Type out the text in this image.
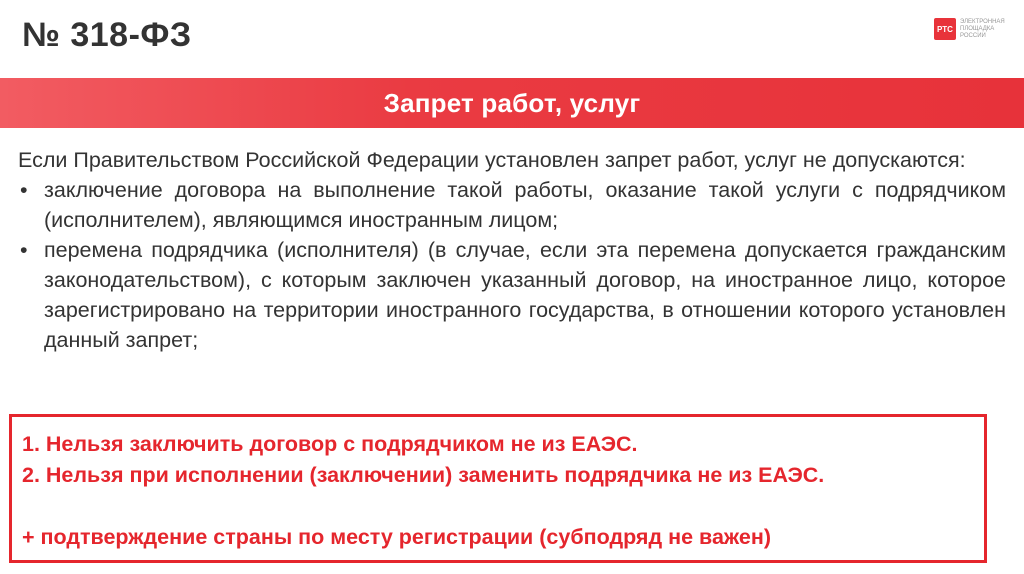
№ 318-ФЗ	РТС
ЭЛЕКТРОННАЯ ПЛОЩАДКА РОССИИ
Запрет работ, услуг

Если Правительством Российской Федерации установлен запрет работ, услуг не допускаются:

• заключение договора на выполнение такой работы, оказание такой услуги с подрядчиком (исполнителем), являющимся иностранным лицом;
• перемена подрядчика (исполнителя) (в случае, если эта перемена допускается гражданским законодательством), с которым заключен указанный договор, на иностранное лицо, которое зарегистрировано на территории иностранного государства, в отношении которого установлен данный запрет;
1. Нельзя заключить договор с подрядчиком не из ЕАЭС.
2. Нельзя при исполнении (заключении) заменить подрядчика не из ЕАЭС.
+ подтверждение страны по месту регистрации (субподряд не важен)
